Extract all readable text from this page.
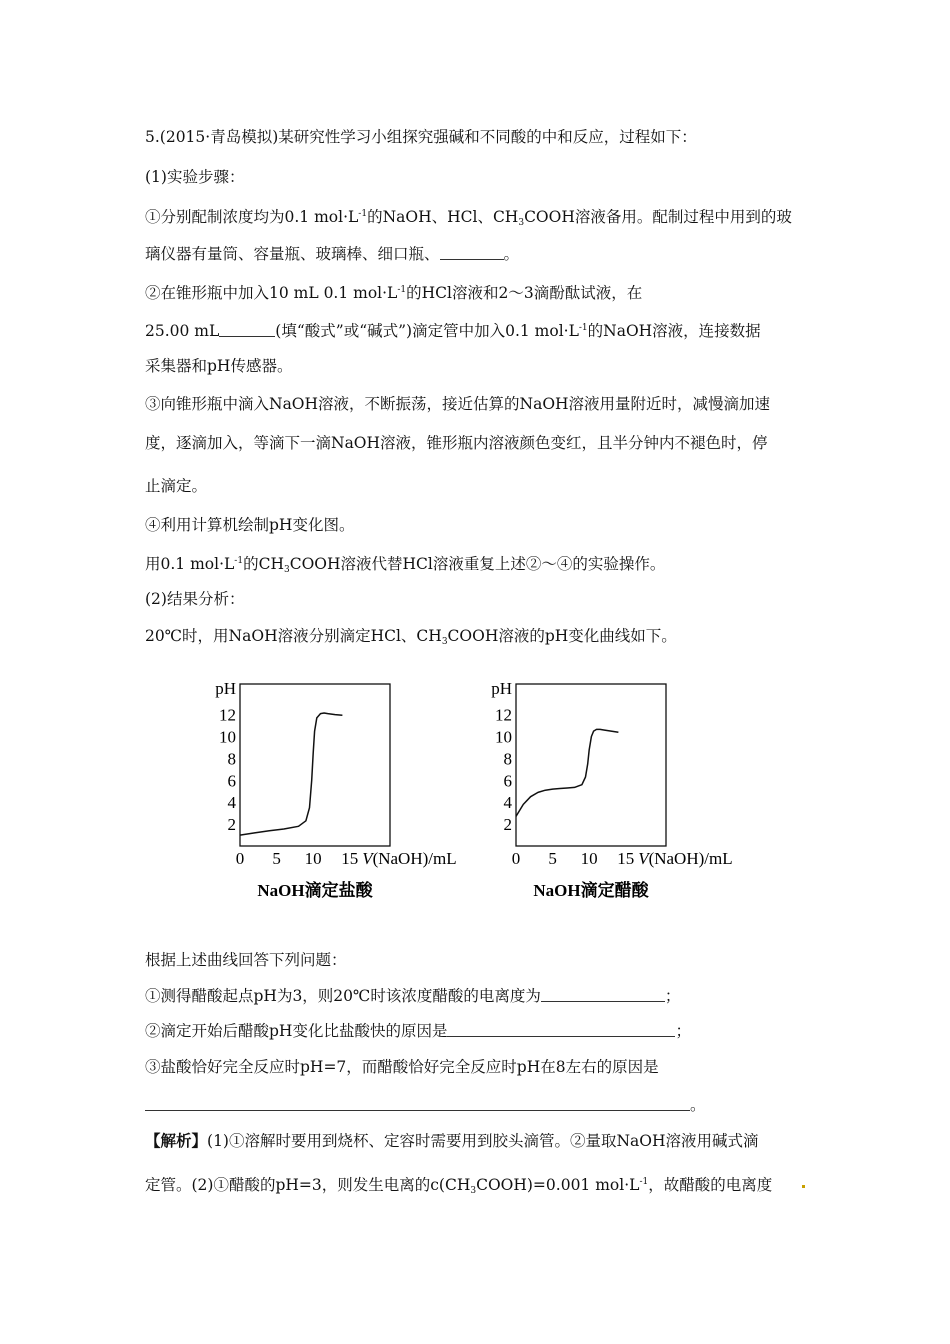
5.(2015·青岛模拟)某研究性学习小组探究强碱和不同酸的中和反应，过程如下：
(1)实验步骤：
①分别配制浓度均为0.1 $mol\cdot L^{-1}$的NaOH、HCl、$CH_3COOH$溶液备用。配制过程中用到的玻
璃仪器有量筒、容量瓶、玻璃棒、细口瓶、	。
②在锥形瓶中加入10 mL 0.1 $mol\cdot L^{-1}$的HCl溶液和2～3滴酚酞试液，在
25.00 mL	(填“酸式”或“碱式”)滴定管中加入0.1 $mol\cdot L^{-1}$的NaOH溶液，连接数据
采集器和pH传感器。
③向锥形瓶中滴入NaOH溶液，不断振荡，接近估算的NaOH溶液用量附近时，减慢滴加速
度，逐滴加入，等滴下一滴NaOH溶液，锥形瓶内溶液颜色变红，且半分钟内不褪色时，停
止滴定。
④利用计算机绘制pH变化图。
用0.1 $mol\cdot L^{-1}$的$CH_3COOH$溶液代替HCl溶液重复上述②～④的实验操作。
(2)结果分析：
20℃时，用NaOH溶液分别滴定HCl、$CH_3COOH$溶液的pH变化曲线如下。
pH
2
4
6
8
10
12
0 5 10 15 V(NaOH)/mL
NaOH滴定盐酸
pH
2
4
6
8
10
12
0 5 10 15 V(NaOH)/mL
NaOH滴定醋酸
根据上述曲线回答下列问题：
①测得醋酸起点pH为3，则20℃时该浓度醋酸的电离度为	；
②滴定开始后醋酸pH变化比盐酸快的原因是	；
③盐酸恰好完全反应时pH=7，而醋酸恰好完全反应时pH在8左右的原因是
。
【解析】(1)①溶解时要用到烧杯、定容时需要用到胶头滴管。②量取NaOH溶液用碱式滴
定管。(2)①醋酸的pH=3，则发生电离的$c(CH_3COOH)=0.001$ $mol\cdot L^{-1}$，故醋酸的电离度
